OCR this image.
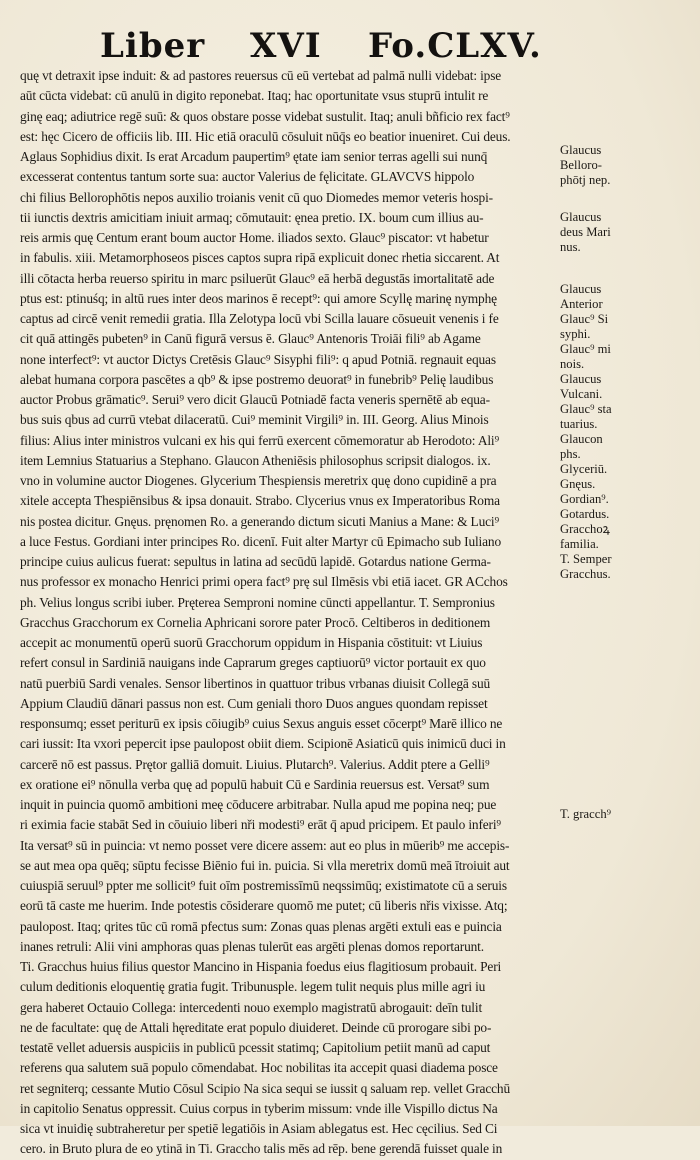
Liber XVI Fo.CLXV.
quę vt detraxit ipse induit: & ad pastores reuersus cū eū vertebat ad palmā nulli videbat: ipse
aūt cūcta videbat: cū anulū in digito reponebat. Itaq; hac oportunitate vsus stuprū intulit re
ginę eaq; adiutrice regē suū: & quos obstare posse videbat sustulit. Itaq; anuli bñficio rex fact⁹
est: hęc Cicero de officiis lib. III. Hic etiā oraculū cōsuluit nūq̄s eo beatior inueniret. Cui deus.
Aglaus Sophidius dixit. Is erat Arcadum paupertim⁹ ętate iam senior terras agelli sui nunq̄
excesserat contentus tantum sorte sua: auctor Valerius de fęlicitate. GLAVCVS hippolo
chi filius Bellorophōtis nepos auxilio troianis venit cū quo Diomedes memor veteris hospi-
tii iunctis dextris amicitiam iniuit armaq; cōmutauit: ęnea pretio. IX. boum cum illius au-
reis armis quę Centum erant boum auctor Home. iliados sexto. Glauc⁹ piscator: vt habetur
in fabulis. xiii. Metamorphoseos pisces captos supra ripā explicuit donec rhetia siccarent. At
illi cōtacta herba reuerso spiritu in marc psiluerūt Glauc⁹ eā herbā degustās imortalitatē ade
ptus est: ptinuśq; in altū rues inter deos marinos ē recept⁹: qui amore Scyllę marinę nymphę
captus ad circē venit remedii gratia. Illa Zelotypa locū vbi Scilla lauare cōsueuit venenis i fe
cit quā attingēs pubeten⁹ in Canū figurā versus ē. Glauc⁹ Antenoris Troiāi fili⁹ ab Agame
none interfect⁹: vt auctor Dictys Cretēsis Glauc⁹ Sisyphi fili⁹: q apud Potniā. regnauit equas
alebat humana corpora pascētes a qb⁹ & ipse postremo deuorat⁹ in funebrib⁹ Pelię laudibus
auctor Probus grāmatic⁹. Serui⁹ vero dicit Glaucū Potniadē facta veneris spernētē ab equa-
bus suis qbus ad currū vtebat dilaceratū. Cui⁹ meminit Virgili⁹ in. III. Georg. Alius Minois
filius: Alius inter ministros vulcani ex his qui ferrū exercent cōmemoratur ab Herodoto: Ali⁹
item Lemnius Statuarius a Stephano. Glaucon Atheniēsis philosophus scripsit dialogos. ix.
vno in volumine auctor Diogenes. Glycerium Thespiensis meretrix quę dono cupidinē a pra
xitele accepta Thespiēnsibus & ipsa donauit. Strabo. Clycerius vnus ex Imperatoribus Roma
nis postea dicitur. Gnęus. pręnomen Ro. a generando dictum sicuti Manius a Mane: & Luci⁹
a luce Festus. Gordiani inter principes Ro. dicenī. Fuit alter Martyr cū Epimacho sub Iuliano
principe cuius aulicus fuerat: sepultus in latina ad secūdū lapidē. Gotardus natione Germa-
nus professor ex monacho Henrici primi opera fact⁹ prę sul Ilmēsis vbi etiā iacet. GR ACchos
ph. Velius longus scribi iuber. Pręterea Semproni nomine cūncti appellantur. T. Sempronius
Gracchus Gracchorum ex Cornelia Aphricani sorore pater Procō. Celtiberos in deditionem
accepit ac monumentū operū suorū Gracchorum oppidum in Hispania cōstituit: vt Liuius
refert consul in Sardiniā nauigans inde Caprarum greges captiuorū⁹ victor portauit ex quo
natū puerbiū Sardi venales. Sensor libertinos in quattuor tribus vrbanas diuisit Collegā suū
Appium Claudiū dānari passus non est. Cum geniali thoro Duos angues quondam repisset
responsumq; esset periturū ex ipsis cōiugib⁹ cuius Sexus anguis esset cōcerpt⁹ Marē illico ne
cari iussit: Ita vxori pepercit ipse paulopost obiit diem. Scipionē Asiaticū quis inimicū duci in
carcerē nō est passus. Prętor galliā domuit. Liuius. Plutarch⁹. Valerius. Addit ptere a Gelli⁹
ex oratione ei⁹ nōnulla verba quę ad populū habuit Cū e Sardinia reuersus est. Versat⁹ sum
inquit in puincia quomō ambitioni meę cōducere arbitrabar. Nulla apud me popina neq; pue
ri eximia facie stabāt Sed in cōuiuio liberi nři modesti⁹ erāt q̄ apud pricipem. Et paulo inferi⁹
Ita versat⁹ sū in puincia: vt nemo posset vere dicere assem: aut eo plus in mūerib⁹ me accepis-
se aut mea opa quēq; sūptu fecisse Biēnio fui in. puicia. Si vlla meretrix domū meā ītroiuit aut
cuiuspiā seruul⁹ ppter me sollicit⁹ fuit oīm postremissīmū neqssimūq; existimatote cū a seruis
eorū tā caste me huerim. Inde potestis cōsiderare quomō me putet; cū liberis nřis vixisse. Atq;
paulopost. Itaq; qrites tūc cū romā pfectus sum: Zonas quas plenas argēti extuli eas e puincia
inanes retruli: Alii vini amphoras quas plenas tulerūt eas argēti plenas domos reportarunt.
Ti. Gracchus huius filius questor Mancino in Hispania foedus eius flagitiosum probauit. Peri
culum deditionis eloquentię gratia fugit. Tribunusple. legem tulit nequis plus mille agri iu
gera haberet Octauio Collega: intercedenti nouo exemplo magistratū abrogauit: deīn tulit
ne de facultate: quę de Attali hęreditate erat populo diuideret. Deinde cū prorogare sibi po-
testatē vellet aduersis auspiciis in publicū pcessit statimq; Capitolium petiit manū ad caput
referens qua salutem suā populo cōmendabat. Hoc nobilitas ita accepit quasi diadema posce
ret segniterq; cessante Mutio Cōsul Scipio Na sica sequi se iussit q saluam rep. vellet Gracchū
in capitolio Senatus oppressit. Cuius corpus in tyberim missum: vnde ille Vispillo dictus Na
sica vt inuidię subtraheretur per spetiē legatiōis in Asiam ablegatus est. Hec cęcilius. Sed Ci
cero. in Bruto plura de eo ytinā in Ti. Graccho talis mēs ad rēp. bene gerendā fuisset quale in
Glaucus
Belloro-
phōtj nep.
Glaucus
deus Mari
nus.
Glaucus
Anterior
Glauc⁹ Si
syphi.
Glauc⁹ mi
nois.
Glaucus
Vulcani.
Glauc⁹ sta
tuarius.
Glaucon
phs.
Glyceriū.
Gnęus.
Gordian⁹.
Gotardus.
Gracchoꝝ
familia.
T. Semper
Gracchus.
T. gracch⁹
